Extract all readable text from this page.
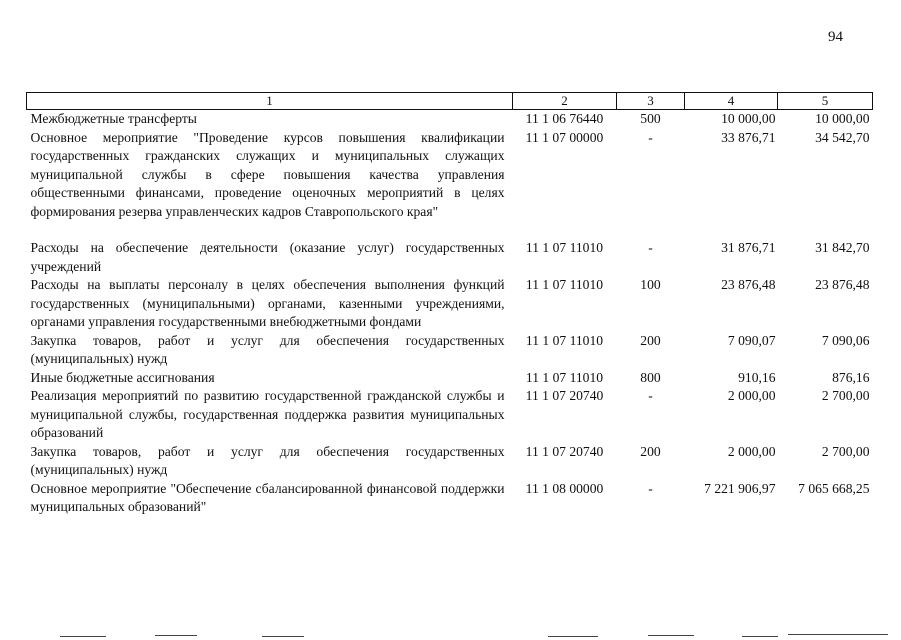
94
1	2	3	4	5
Межбюджетные трансферты	11 1 06 76440	500	10 000,00	10 000,00
Основное мероприятие "Проведение курсов повышения квалификации государственных гражданских служащих и муниципальных служащих муниципальной службы в сфере повышения качества управления общественными финансами, проведение оценочных мероприятий в целях формирования резерва управленческих кадров Ставропольского края"	11 1 07 00000	-	33 876,71	34 542,70
Расходы на обеспечение деятельности (оказание услуг) государственных учреждений	11 1 07 11010	-	31 876,71	31 842,70
Расходы на выплаты персоналу в целях обеспечения выполнения функций государственных (муниципальными) органами, казенными учреждениями, органами управления государственными внебюджетными фондами	11 1 07 11010	100	23 876,48	23 876,48
Закупка товаров, работ и услуг для обеспечения государственных (муниципальных) нужд	11 1 07 11010	200	7 090,07	7 090,06
Иные бюджетные ассигнования	11 1 07 11010	800	910,16	876,16
Реализация мероприятий по развитию государственной гражданской службы и муниципальной службы, государственная поддержка развития муниципальных образований	11 1 07 20740	-	2 000,00	2 700,00
Закупка товаров, работ и услуг для обеспечения государственных (муниципальных) нужд	11 1 07 20740	200	2 000,00	2 700,00
Основное мероприятие "Обеспечение сбалансированной финансовой поддержки муниципальных образований"	11 1 08 00000	-	7 221 906,97	7 065 668,25
